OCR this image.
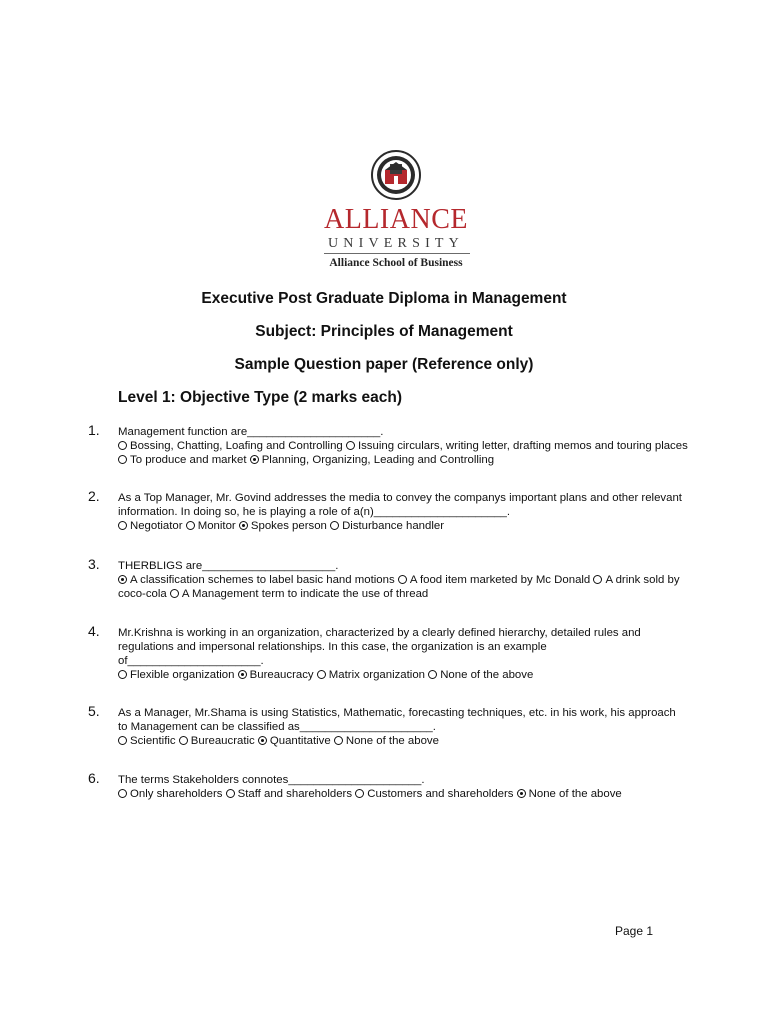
ALLIANCE
UNIVERSITY
Alliance School of Business
Executive Post Graduate Diploma in Management
Subject: Principles of Management
Sample Question paper (Reference only)
Level 1: Objective Type (2 marks each)
1. Management function are_____________________.
Bossing, Chatting, Loafing and Controlling Issuing circulars, writing letter, drafting memos and touring places To produce and market Planning, Organizing, Leading and Controlling
2. As a Top Manager, Mr. Govind addresses the media to convey the companys important plans and other relevant information. In doing so, he is playing a role of a(n)_____________________.
Negotiator Monitor Spokes person Disturbance handler
3. THERBLIGS are_____________________.
A classification schemes to label basic hand motions A food item marketed by Mc Donald A drink sold by coco-cola A Management term to indicate the use of thread
4. Mr.Krishna is working in an organization, characterized by a clearly defined hierarchy, detailed rules and regulations and impersonal relationships. In this case, the organization is an example of_____________________.
Flexible organization Bureaucracy Matrix organization None of the above
5. As a Manager, Mr.Shama is using Statistics, Mathematic, forecasting techniques, etc. in his work, his approach to Management can be classified as_____________________.
Scientific Bureaucratic Quantitative None of the above
6. The terms Stakeholders connotes_____________________.
Only shareholders Staff and shareholders Customers and shareholders None of the above
Page 1
